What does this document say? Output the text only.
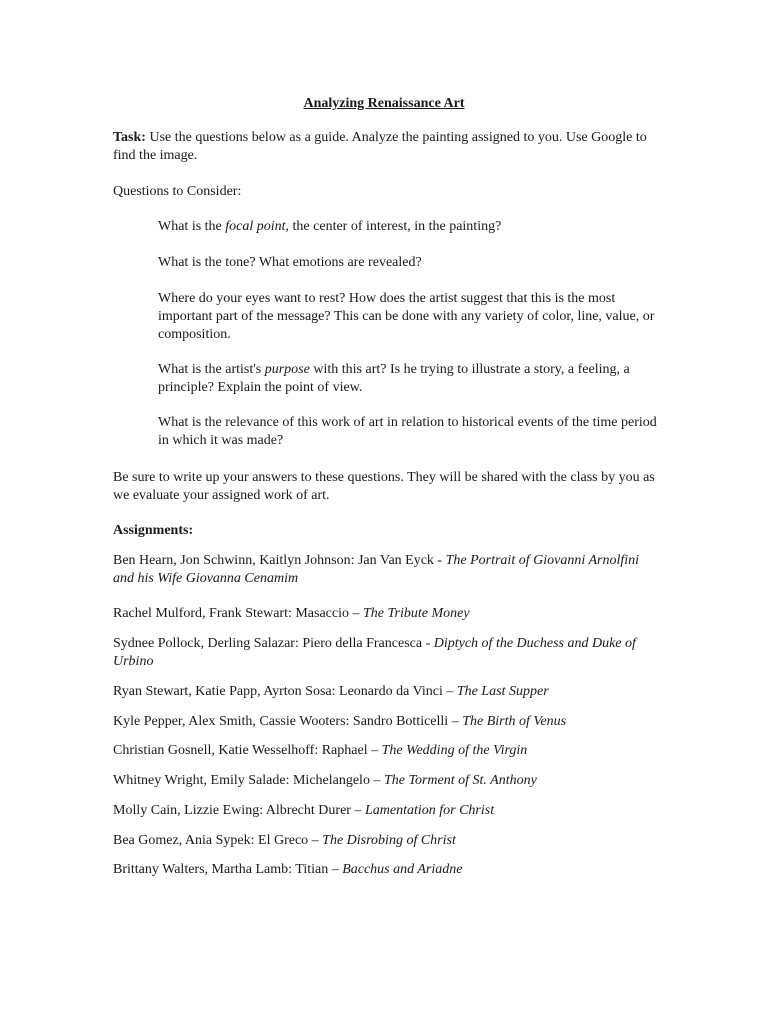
Analyzing Renaissance Art

Task: Use the questions below as a guide. Analyze the painting assigned to you. Use Google to find the image.

Questions to Consider:

What is the focal point, the center of interest, in the painting?

What is the tone? What emotions are revealed?

Where do your eyes want to rest? How does the artist suggest that this is the most important part of the message? This can be done with any variety of color, line, value, or composition.

What is the artist's purpose with this art? Is he trying to illustrate a story, a feeling, a principle? Explain the point of view.

What is the relevance of this work of art in relation to historical events of the time period in which it was made?

Be sure to write up your answers to these questions. They will be shared with the class by you as we evaluate your assigned work of art.

Assignments:

Ben Hearn, Jon Schwinn, Kaitlyn Johnson: Jan Van Eyck - The Portrait of Giovanni Arnolfini and his Wife Giovanna Cenamim

Rachel Mulford, Frank Stewart: Masaccio – The Tribute Money

Sydnee Pollock, Derling Salazar: Piero della Francesca - Diptych of the Duchess and Duke of Urbino

Ryan Stewart, Katie Papp, Ayrton Sosa: Leonardo da Vinci – The Last Supper

Kyle Pepper, Alex Smith, Cassie Wooters: Sandro Botticelli – The Birth of Venus

Christian Gosnell, Katie Wesselhoff: Raphael – The Wedding of the Virgin

Whitney Wright, Emily Salade: Michelangelo – The Torment of St. Anthony

Molly Cain, Lizzie Ewing: Albrecht Durer – Lamentation for Christ

Bea Gomez, Ania Sypek: El Greco – The Disrobing of Christ

Brittany Walters, Martha Lamb: Titian – Bacchus and Ariadne
